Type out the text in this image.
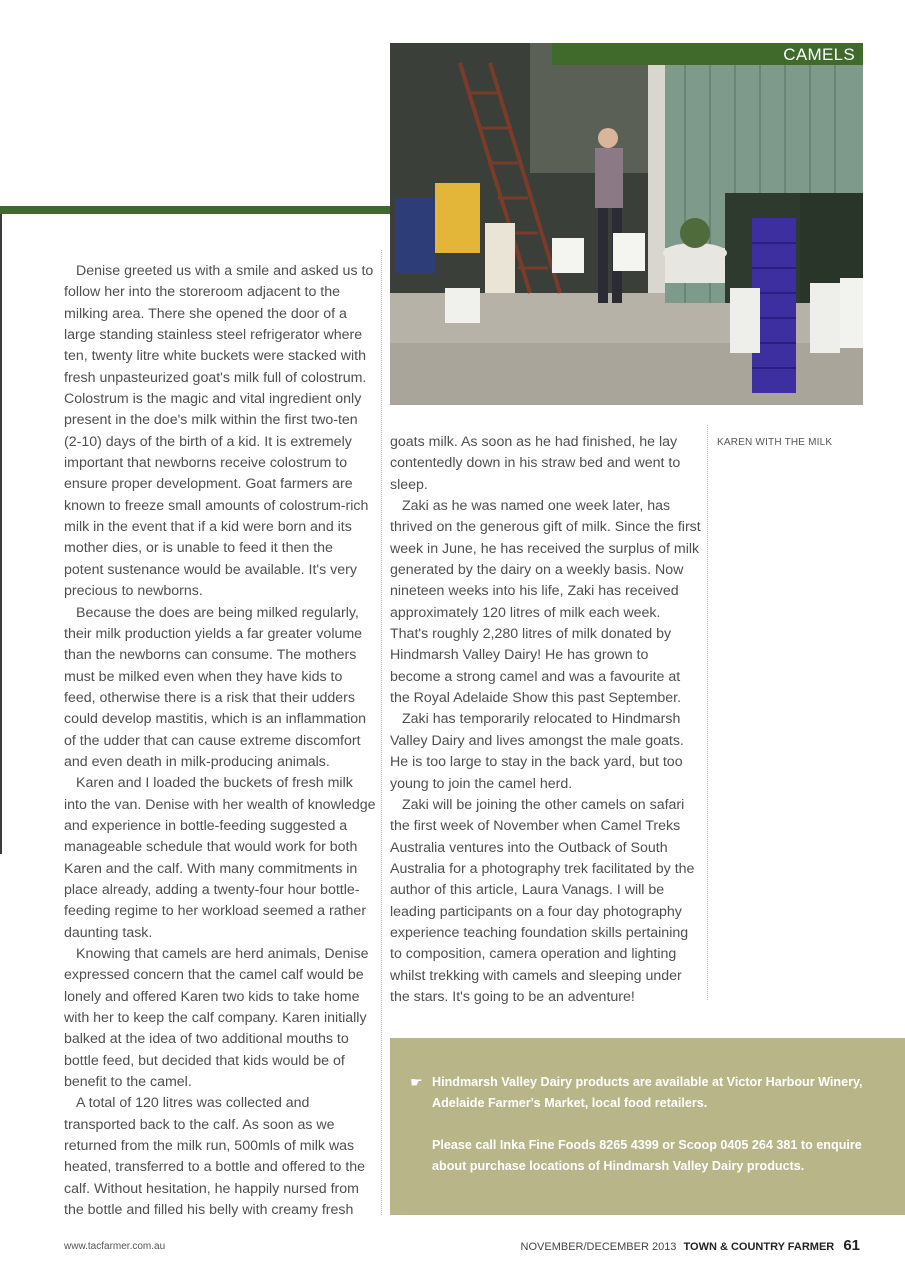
CAMELS

Denise greeted us with a smile and asked us to follow her into the storeroom adjacent to the milking area. There she opened the door of a large standing stainless steel refrigerator where ten, twenty litre white buckets were stacked with fresh unpasteurized goat's milk full of colostrum. Colostrum is the magic and vital ingredient only present in the doe's milk within the first two-ten (2-10) days of the birth of a kid. It is extremely important that newborns receive colostrum to ensure proper development. Goat farmers are known to freeze small amounts of colostrum-rich milk in the event that if a kid were born and its mother dies, or is unable to feed it then the potent sustenance would be available. It's very precious to newborns.

Because the does are being milked regularly, their milk production yields a far greater volume than the newborns can consume. The mothers must be milked even when they have kids to feed, otherwise there is a risk that their udders could develop mastitis, which is an inflammation of the udder that can cause extreme discomfort and even death in milk-producing animals.

Karen and I loaded the buckets of fresh milk into the van. Denise with her wealth of knowledge and experience in bottle-feeding suggested a manageable schedule that would work for both Karen and the calf. With many commitments in place already, adding a twenty-four hour bottle-feeding regime to her workload seemed a rather daunting task.

Knowing that camels are herd animals, Denise expressed concern that the camel calf would be lonely and offered Karen two kids to take home with her to keep the calf company. Karen initially balked at the idea of two additional mouths to bottle feed, but decided that kids would be of benefit to the camel.

A total of 120 litres was collected and transported back to the calf. As soon as we returned from the milk run, 500mls of milk was heated, transferred to a bottle and offered to the calf. Without hesitation, he happily nursed from the bottle and filled his belly with creamy fresh

goats milk. As soon as he had finished, he lay contentedly down in his straw bed and went to sleep.

Zaki as he was named one week later, has thrived on the generous gift of milk. Since the first week in June, he has received the surplus of milk generated by the dairy on a weekly basis. Now nineteen weeks into his life, Zaki has received approximately 120 litres of milk each week. That's roughly 2,280 litres of milk donated by Hindmarsh Valley Dairy! He has grown to become a strong camel and was a favourite at the Royal Adelaide Show this past September.

Zaki has temporarily relocated to Hindmarsh Valley Dairy and lives amongst the male goats. He is too large to stay in the back yard, but too young to join the camel herd.

Zaki will be joining the other camels on safari the first week of November when Camel Treks Australia ventures into the Outback of South Australia for a photography trek facilitated by the author of this article, Laura Vanags. I will be leading participants on a four day photography experience teaching foundation skills pertaining to composition, camera operation and lighting whilst trekking with camels and sleeping under the stars. It's going to be an adventure!

KAREN WITH THE MILK
☛ Hindmarsh Valley Dairy products are available at Victor Harbour Winery, Adelaide Farmer's Market, local food retailers.

Please call Inka Fine Foods 8265 4399 or Scoop 0405 264 381 to enquire about purchase locations of Hindmarsh Valley Dairy products.

www.tacfarmer.com.au	NOVEMBER/DECEMBER 2013 TOWN & COUNTRY FARMER 61
